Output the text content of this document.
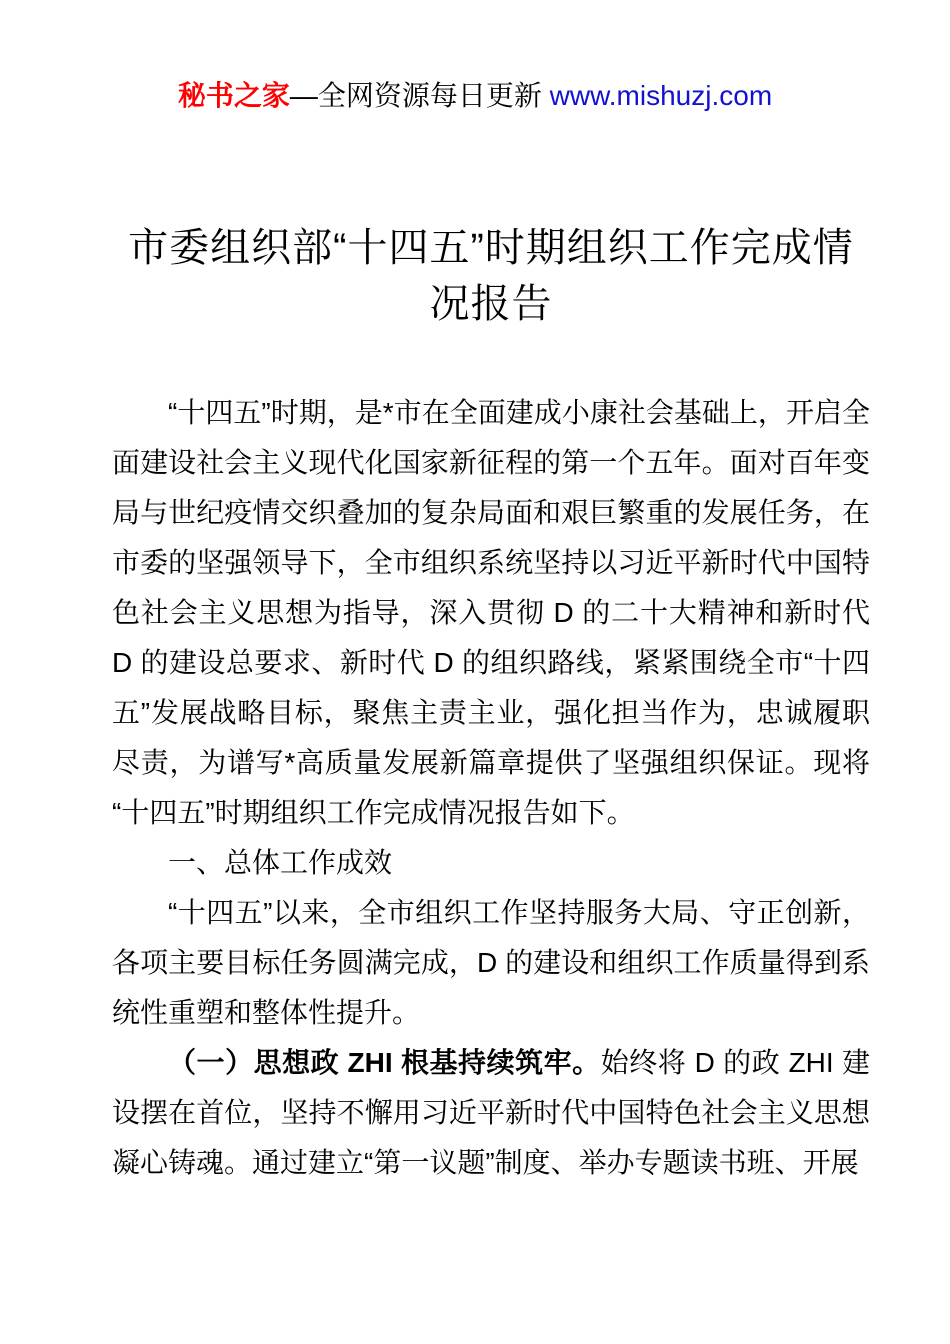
秘书之家—全网资源每日更新 www.mishuzj.com
市委组织部“十四五”时期组织工作完成情况报告

“十四五”时期，是*市在全面建成小康社会基础上，开启全面建设社会主义现代化国家新征程的第一个五年。面对百年变局与世纪疫情交织叠加的复杂局面和艰巨繁重的发展任务，在市委的坚强领导下，全市组织系统坚持以习近平新时代中国特色社会主义思想为指导，深入贯彻 D 的二十大精神和新时代 D 的建设总要求、新时代 D 的组织路线，紧紧围绕全市“十四五”发展战略目标，聚焦主责主业，强化担当作为，忠诚履职尽责，为谱写*高质量发展新篇章提供了坚强组织保证。现将“十四五”时期组织工作完成情况报告如下。

一、总体工作成效

“十四五”以来，全市组织工作坚持服务大局、守正创新，各项主要目标任务圆满完成，D 的建设和组织工作质量得到系统性重塑和整体性提升。

（一）思想政 ZHI 根基持续筑牢。始终将 D 的政 ZHI 建设摆在首位，坚持不懈用习近平新时代中国特色社会主义思想凝心铸魂。通过建立“第一议题”制度、举办专题读书班、开展
